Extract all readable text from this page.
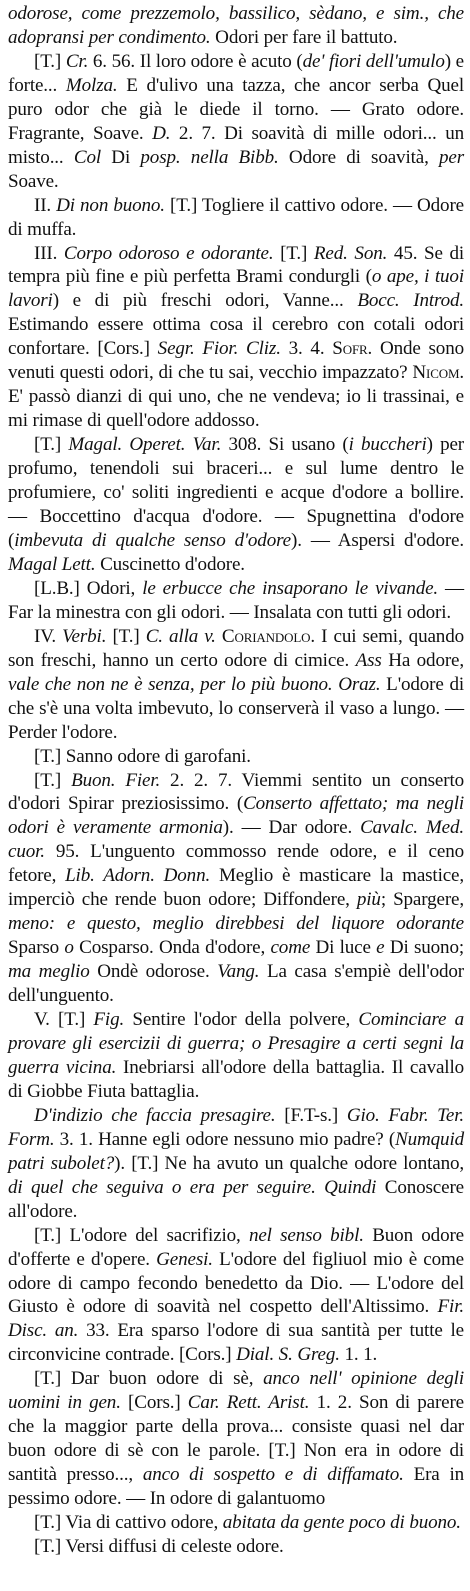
odorose, come prezzemolo, bassilico, sèdano, e sim., che adopransi per condimento. Odori per fare il battuto.

[T.] Cr. 6. 56. Il loro odore è acuto (de' fiori dell'umulo) e forte... Molza. E d'ulivo una tazza, che ancor serba Quel puro odor che già le diede il torno. — Grato odore. Fragrante, Soave. D. 2. 7. Di soavità di mille odori... un misto... Col Di posp. nella Bibb. Odore di soavità, per Soave.

II. Di non buono. [T.] Togliere il cattivo odore. — Odore di muffa.

III. Corpo odoroso e odorante. [T.] Red. Son. 45. Se di tempra più fine e più perfetta Brami condurgli (o ape, i tuoi lavori) e di più freschi odori, Vanne... Bocc. Introd. Estimando essere ottima cosa il cerebro con cotali odori confortare. [Cors.] Segr. Fior. Cliz. 3. 4. Sofr. Onde sono venuti questi odori, di che tu sai, vecchio impazzato? Nicom. E' passò dianzi di qui uno, che ne vendeva; io li trassinai, e mi rimase di quell'odore addosso.

[T.] Magal. Operet. Var. 308. Si usano (i buccheri) per profumo, tenendoli sui braceri... e sul lume dentro le profumiere, co' soliti ingredienti e acque d'odore a bollire. — Boccettino d'acqua d'odore. — Spugnettina d'odore (imbevuta di qualche senso d'odore). — Aspersi d'odore. Magal Lett. Cuscinetto d'odore.

[L.B.] Odori, le erbucce che insaporano le vivande. — Far la minestra con gli odori. — Insalata con tutti gli odori.

IV. Verbi. [T.] C. alla v. Coriandolo. I cui semi, quando son freschi, hanno un certo odore di cimice. Ass Ha odore, vale che non ne è senza, per lo più buono. Oraz. L'odore di che s'è una volta imbevuto, lo conserverà il vaso a lungo. — Perder l'odore.

[T.] Sanno odore di garofani.

[T.] Buon. Fier. 2. 2. 7. Viemmi sentito un conserto d'odori Spirar preziosissimo. (Conserto affettato; ma negli odori è veramente armonia). — Dar odore. Cavalc. Med. cuor. 95. L'unguento commosso rende odore, e il ceno fetore, Lib. Adorn. Donn. Meglio è masticare la mastice, imperciò che rende buon odore; Diffondere, più; Spargere, meno: e questo, meglio direbbesi del liquore odorante Sparso o Cosparso. Onda d'odore, come Di luce e Di suono; ma meglio Ondè odorose. Vang. La casa s'empiè dell'odor dell'unguento.

V. [T.] Fig. Sentire l'odor della polvere, Cominciare a provare gli esercizii di guerra; o Presagire a certi segni la guerra vicina. Inebriarsi all'odore della battaglia. Il cavallo di Giobbe Fiuta battaglia.

D'indizio che faccia presagire. [F.T-s.] Gio. Fabr. Ter. Form. 3. 1. Hanne egli odore nessuno mio padre? (Numquid patri subolet?). [T.] Ne ha avuto un qualche odore lontano, di quel che seguiva o era per seguire. Quindi Conoscere all'odore.

[T.] L'odore del sacrifizio, nel senso bibl. Buon odore d'offerte e d'opere. Genesi. L'odore del figliuol mio è come odore di campo fecondo benedetto da Dio. — L'odore del Giusto è odore di soavità nel cospetto dell'Altissimo. Fir. Disc. an. 33. Era sparso l'odore di sua santità per tutte le circonvicine contrade. [Cors.] Dial. S. Greg. 1. 1.

[T.] Dar buon odore di sè, anco nell' opinione degli uomini in gen. [Cors.] Car. Rett. Arist. 1. 2. Son di parere che la maggior parte della prova... consiste quasi nel dar buon odore di sè con le parole. [T.] Non era in odore di santità presso..., anco di sospetto e di diffamato. Era in pessimo odore. — In odore di galantuomo

[T.] Via di cattivo odore, abitata da gente poco di buono.

[T.] Versi diffusi di celeste odore.
